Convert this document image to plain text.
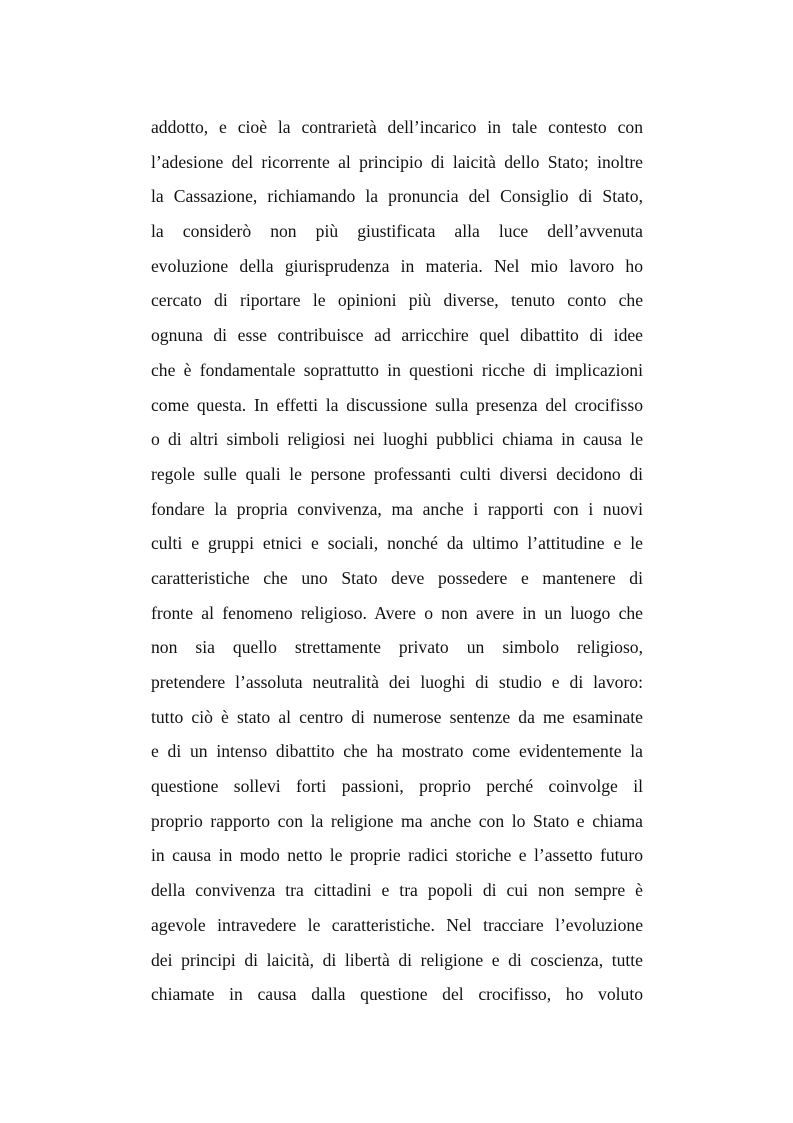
addotto, e cioè la contrarietà dell’incarico in tale contesto con
l’adesione del ricorrente al principio di laicità dello Stato; inoltre
la Cassazione, richiamando la pronuncia del Consiglio di Stato,
la considerò non più giustificata alla luce dell’avvenuta
evoluzione della giurisprudenza in materia. Nel mio lavoro ho
cercato di riportare le opinioni più diverse, tenuto conto che
ognuna di esse contribuisce ad arricchire quel dibattito di idee
che è fondamentale soprattutto in questioni ricche di implicazioni
come questa. In effetti la discussione sulla presenza del crocifisso
o di altri simboli religiosi nei luoghi pubblici chiama in causa le
regole sulle quali le persone professanti culti diversi decidono di
fondare la propria convivenza, ma anche i rapporti con i nuovi
culti e gruppi etnici e sociali, nonché da ultimo l’attitudine e le
caratteristiche che uno Stato deve possedere e mantenere di
fronte al fenomeno religioso. Avere o non avere in un luogo che
non sia quello strettamente privato un simbolo religioso,
pretendere l’assoluta neutralità dei luoghi di studio e di lavoro:
tutto ciò è stato al centro di numerose sentenze da me esaminate
e di un intenso dibattito che ha mostrato come evidentemente la
questione sollevi forti passioni, proprio perché coinvolge il
proprio rapporto con la religione ma anche con lo Stato e chiama
in causa in modo netto le proprie radici storiche e l’assetto futuro
della convivenza tra cittadini e tra popoli di cui non sempre è
agevole intravedere le caratteristiche. Nel tracciare l’evoluzione
dei principi di laicità, di libertà di religione e di coscienza, tutte
chiamate in causa dalla questione del crocifisso, ho voluto
